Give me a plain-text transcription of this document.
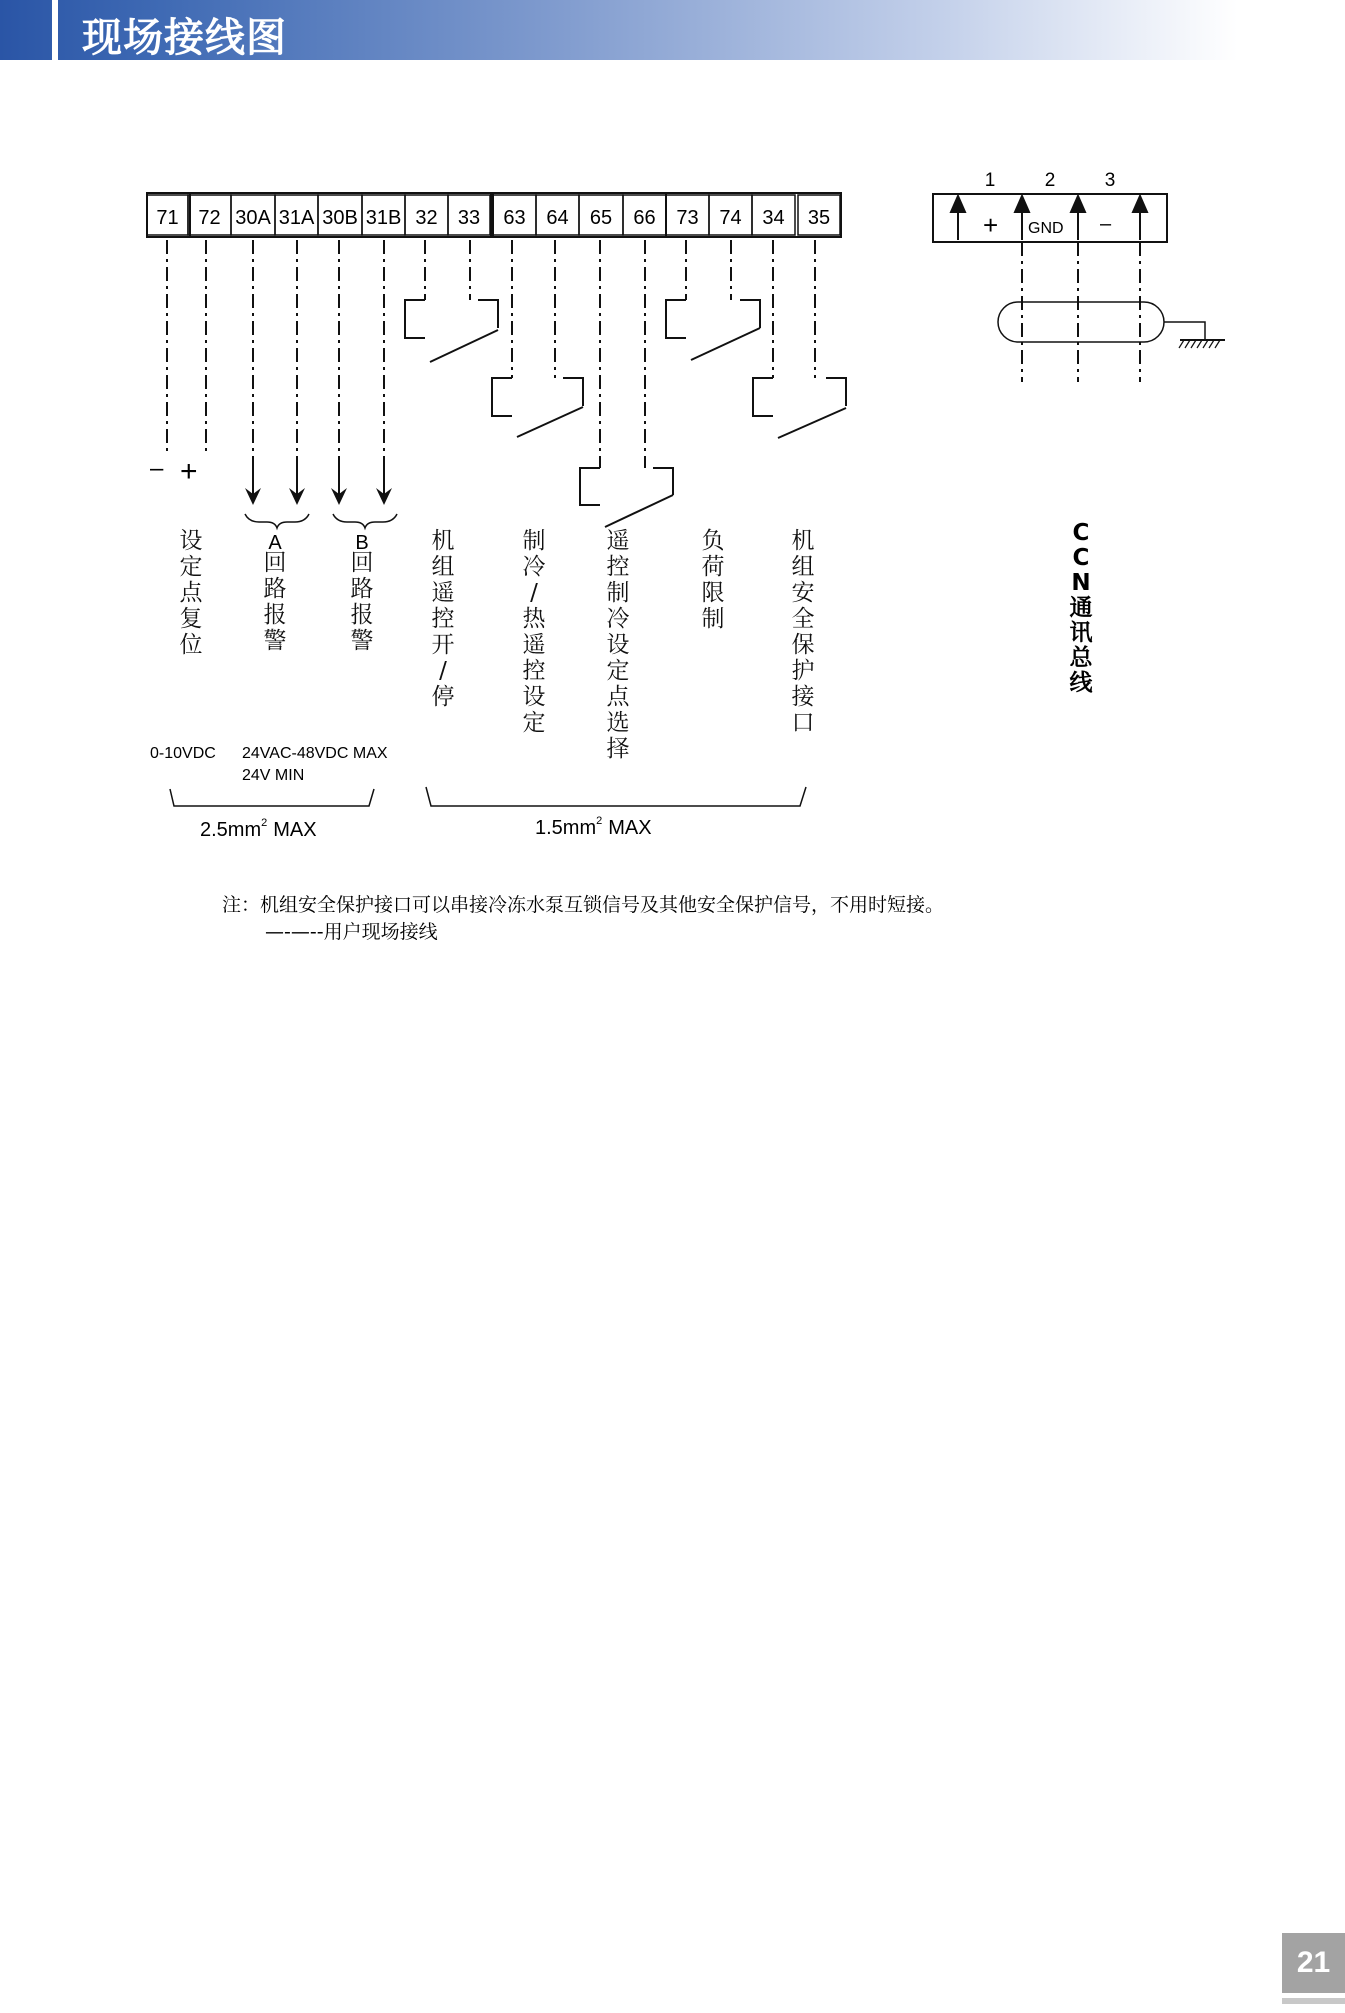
现场接线图
71 72 30A 31A 30B 31B 32 33 63 64 65 66 73 74 34 35
– +
A	B
设定点复位
回路报警
回路报警
机组遥控开/停
制冷/热遥控设定
遥控制冷设定点选择
负荷限制
机组安全保护接口
0-10VDC 24VAC-48VDC MAX
24V MIN
$2.5mm^2$ MAX	$1.5mm^2$ MAX
1	2	3
+ GND –
C C N 通讯总线
注：机组安全保护接口可以串接冷冻水泵互锁信号及其他安全保护信号，不用时短接。
—-—--用户现场接线
21
